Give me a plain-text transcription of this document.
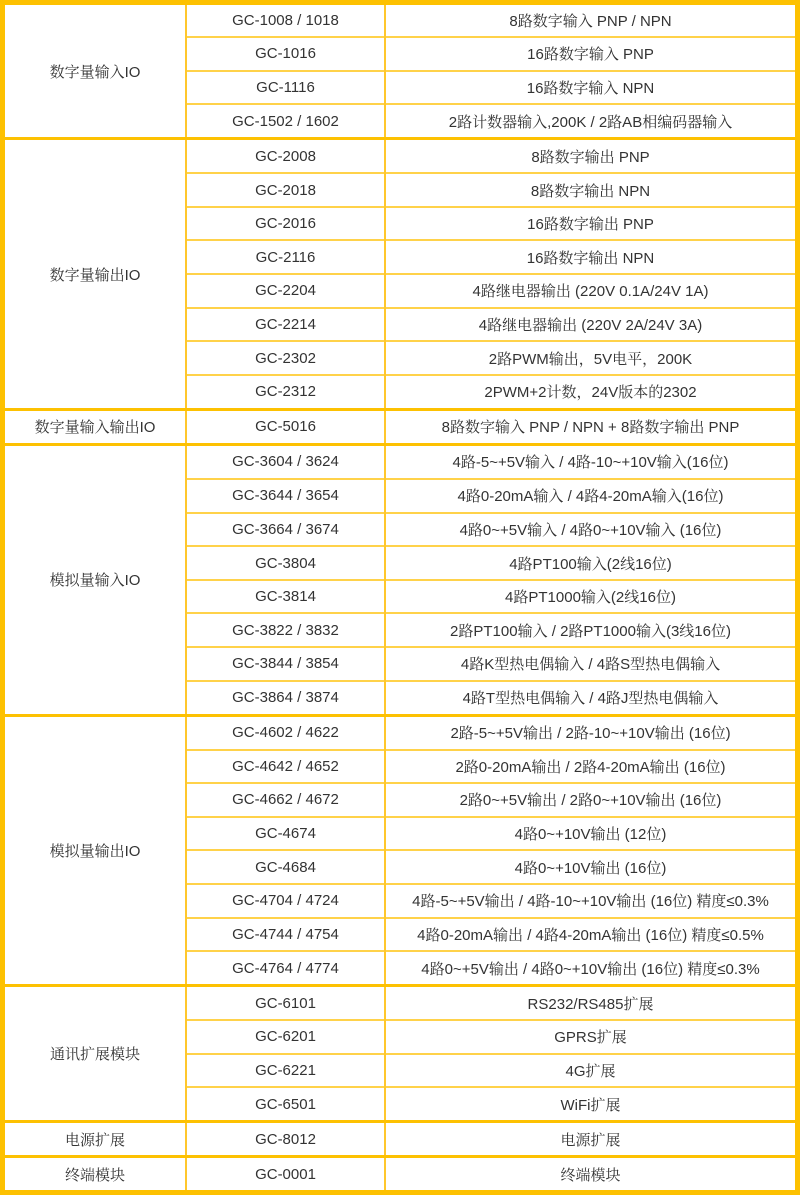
数字量输入IO	GC-1008 / 1018	8路数字输入 PNP / NPN
	GC-1016	16路数字输入 PNP
	GC-1116	16路数字输入 NPN
	GC-1502 / 1602	2路计数器输入,200K / 2路AB相编码器输入
数字量输出IO	GC-2008	8路数字输出 PNP
	GC-2018	8路数字输出 NPN
	GC-2016	16路数字输出 PNP
	GC-2116	16路数字输出 NPN
	GC-2204	4路继电器输出 (220V 0.1A/24V 1A)
	GC-2214	4路继电器输出 (220V 2A/24V 3A)
	GC-2302	2路PWM输出，5V电平，200K
	GC-2312	2PWM+2计数，24V版本的2302
数字量输入输出IO	GC-5016	8路数字输入 PNP / NPN + 8路数字输出 PNP
模拟量输入IO	GC-3604 / 3624	4路-5~+5V输入 / 4路-10~+10V输入(16位)
	GC-3644 / 3654	4路0-20mA输入 / 4路4-20mA输入(16位)
	GC-3664 / 3674	4路0~+5V输入 / 4路0~+10V输入 (16位)
	GC-3804	4路PT100输入(2线16位)
	GC-3814	4路PT1000输入(2线16位)
	GC-3822 / 3832	2路PT100输入 / 2路PT1000输入(3线16位)
	GC-3844 / 3854	4路K型热电偶输入 / 4路S型热电偶输入
	GC-3864 / 3874	4路T型热电偶输入 / 4路J型热电偶输入
模拟量输出IO	GC-4602 / 4622	2路-5~+5V输出 / 2路-10~+10V输出 (16位)
	GC-4642 / 4652	2路0-20mA输出 / 2路4-20mA输出 (16位)
	GC-4662 / 4672	2路0~+5V输出 / 2路0~+10V输出 (16位)
	GC-4674	4路0~+10V输出 (12位)
	GC-4684	4路0~+10V输出 (16位)
	GC-4704 / 4724	4路-5~+5V输出 / 4路-10~+10V输出 (16位) 精度≤0.3%
	GC-4744 / 4754	4路0-20mA输出 / 4路4-20mA输出 (16位) 精度≤0.5%
	GC-4764 / 4774	4路0~+5V输出 / 4路0~+10V输出 (16位) 精度≤0.3%
通讯扩展模块	GC-6101	RS232/RS485扩展
	GC-6201	GPRS扩展
	GC-6221	4G扩展
	GC-6501	WiFi扩展
电源扩展	GC-8012	电源扩展
终端模块	GC-0001	终端模块
